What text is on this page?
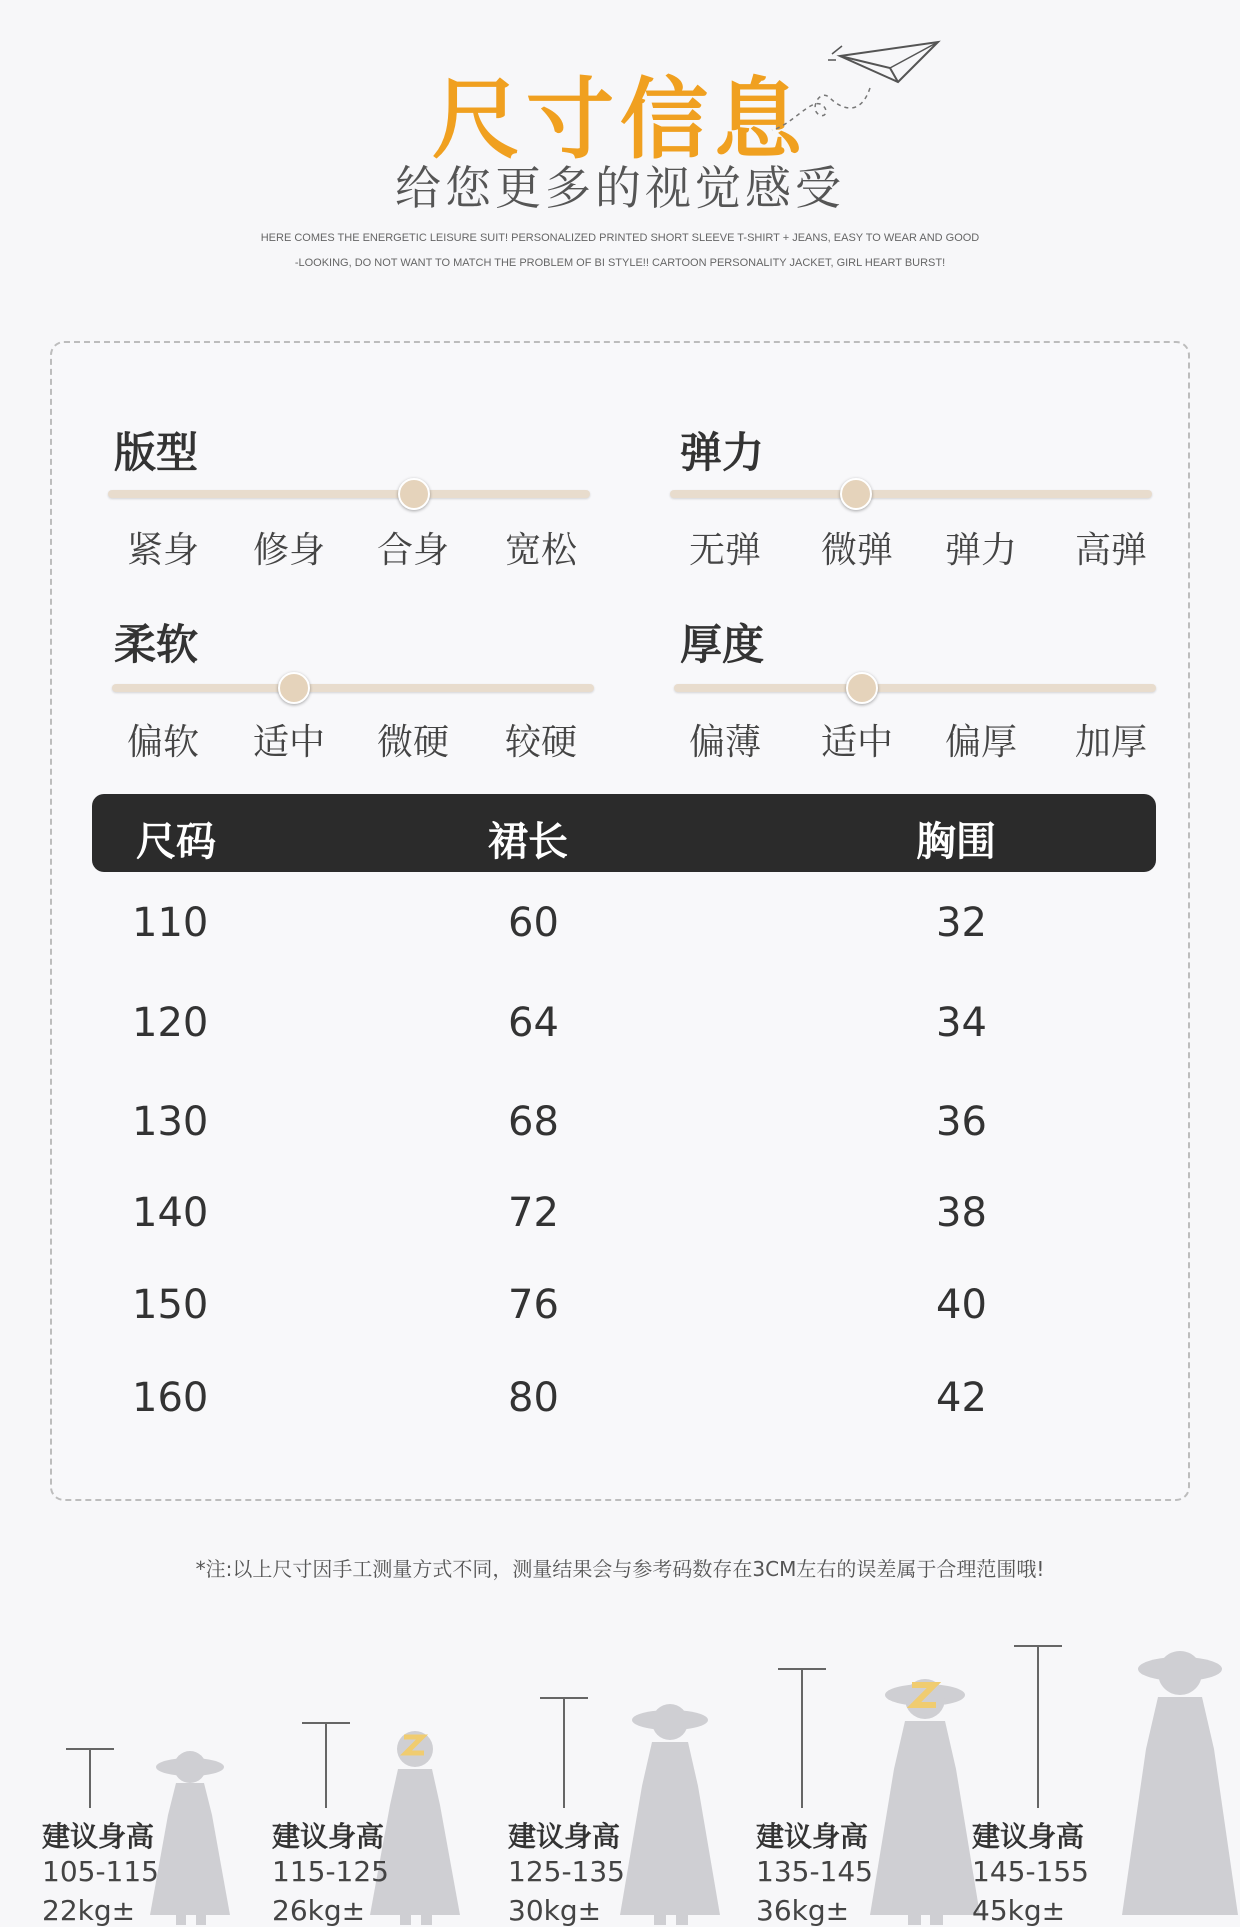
尺寸信息
给您更多的视觉感受
HERE COMES THE ENERGETIC LEISURE SUIT! PERSONALIZED PRINTED SHORT SLEEVE T-SHIRT + JEANS, EASY TO WEAR AND GOOD
-LOOKING, DO NOT WANT TO MATCH THE PROBLEM OF BI STYLE!! CARTOON PERSONALITY JACKET, GIRL HEART BURST!
版型
紧身	修身	合身	宽松
弹力
无弹	微弹	弹力	高弹
柔软
偏软	适中	微硬	较硬
厚度
偏薄	适中	偏厚	加厚
尺码	裙长	胸围
110	60	32
120	64	34
130	68	36
140	72	38
150	76	40
160	80	42
*注:以上尺寸因手工测量方式不同，测量结果会与参考码数存在3CM左右的误差属于合理范围哦!
建议身高
105-115
22kg±
建议身高
115-125
26kg±
建议身高
125-135
30kg±
建议身高
135-145
36kg±
建议身高
145-155
45kg±
